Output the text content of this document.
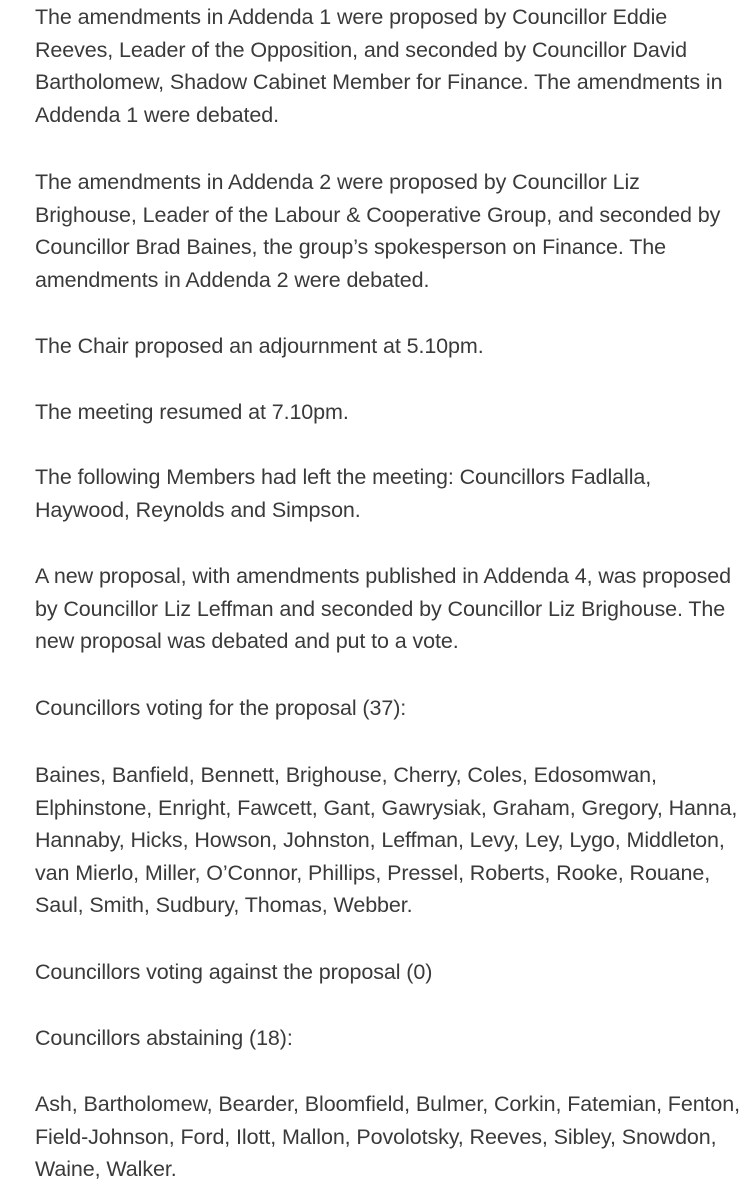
The amendments in Addenda 1 were proposed by Councillor Eddie Reeves, Leader of the Opposition, and seconded by Councillor David Bartholomew, Shadow Cabinet Member for Finance. The amendments in Addenda 1 were debated.

The amendments in Addenda 2 were proposed by Councillor Liz Brighouse, Leader of the Labour & Cooperative Group, and seconded by Councillor Brad Baines, the group’s spokesperson on Finance. The amendments in Addenda 2 were debated.

The Chair proposed an adjournment at 5.10pm.

The meeting resumed at 7.10pm.

The following Members had left the meeting: Councillors Fadlalla, Haywood, Reynolds and Simpson.

A new proposal, with amendments published in Addenda 4, was proposed by Councillor Liz Leffman and seconded by Councillor Liz Brighouse. The new proposal was debated and put to a vote.

Councillors voting for the proposal (37):

Baines, Banfield, Bennett, Brighouse, Cherry, Coles, Edosomwan, Elphinstone, Enright, Fawcett, Gant, Gawrysiak, Graham, Gregory, Hanna, Hannaby, Hicks, Howson, Johnston, Leffman, Levy, Ley, Lygo, Middleton, van Mierlo, Miller, O’Connor, Phillips, Pressel, Roberts, Rooke, Rouane, Saul, Smith, Sudbury, Thomas, Webber.

Councillors voting against the proposal (0)

Councillors abstaining (18):

Ash, Bartholomew, Bearder, Bloomfield, Bulmer, Corkin, Fatemian, Fenton, Field-Johnson, Ford, Ilott, Mallon, Povolotsky, Reeves, Sibley, Snowdon, Waine, Walker.
